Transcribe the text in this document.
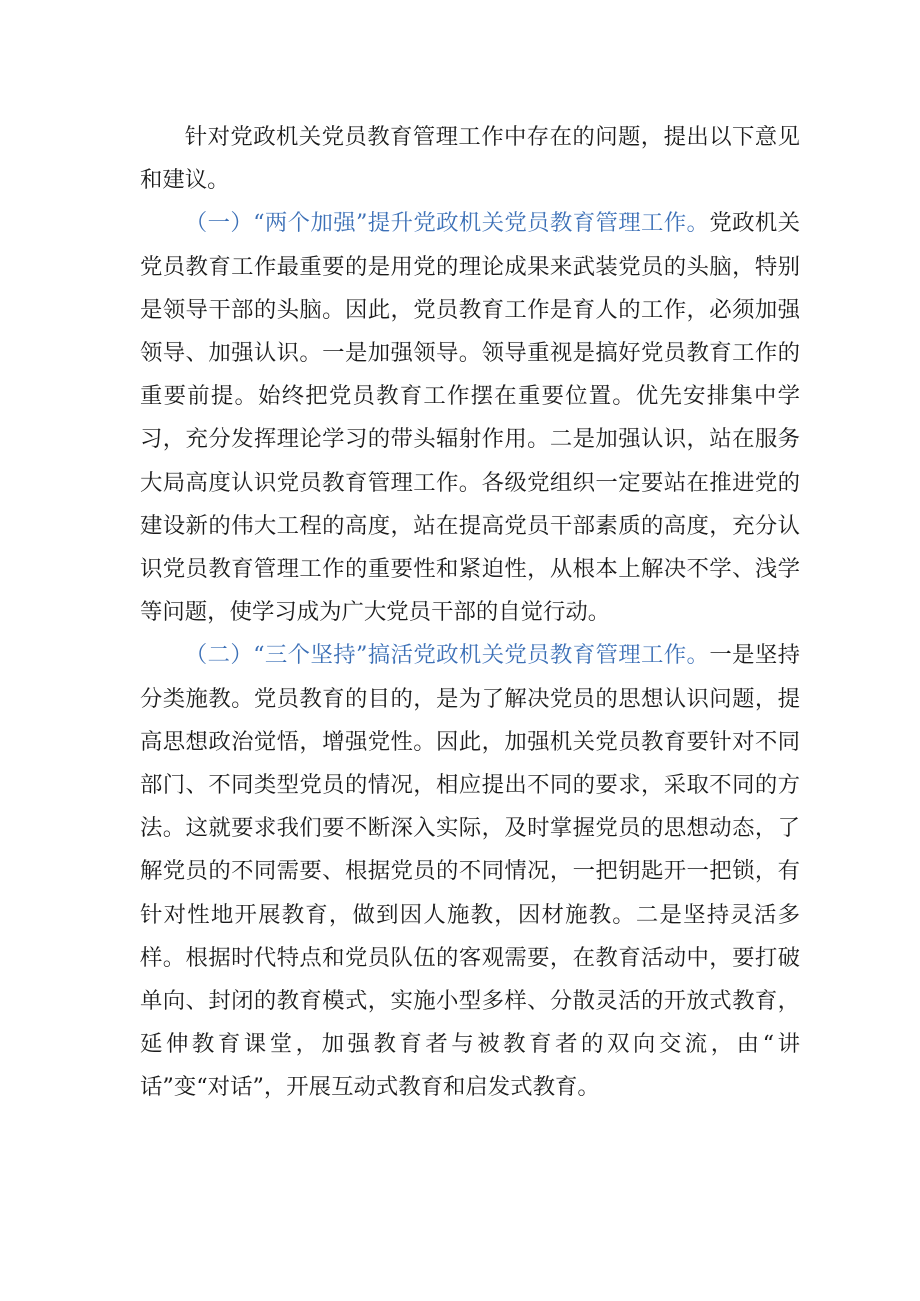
针对党政机关党员教育管理工作中存在的问题，提出以下意见和建议。

（一）“两个加强”提升党政机关党员教育管理工作。党政机关党员教育工作最重要的是用党的理论成果来武装党员的头脑，特别是领导干部的头脑。因此，党员教育工作是育人的工作，必须加强领导、加强认识。一是加强领导。领导重视是搞好党员教育工作的重要前提。始终把党员教育工作摆在重要位置。优先安排集中学习，充分发挥理论学习的带头辐射作用。二是加强认识，站在服务大局高度认识党员教育管理工作。各级党组织一定要站在推进党的建设新的伟大工程的高度，站在提高党员干部素质的高度，充分认识党员教育管理工作的重要性和紧迫性，从根本上解决不学、浅学等问题，使学习成为广大党员干部的自觉行动。

（二）“三个坚持”搞活党政机关党员教育管理工作。一是坚持分类施教。党员教育的目的，是为了解决党员的思想认识问题，提高思想政治觉悟，增强党性。因此，加强机关党员教育要针对不同部门、不同类型党员的情况，相应提出不同的要求，采取不同的方法。这就要求我们要不断深入实际，及时掌握党员的思想动态，了解党员的不同需要、根据党员的不同情况，一把钥匙开一把锁，有针对性地开展教育，做到因人施教，因材施教。二是坚持灵活多样。根据时代特点和党员队伍的客观需要，在教育活动中，要打破单向、封闭的教育模式，实施小型多样、分散灵活的开放式教育，延伸教育课堂，加强教育者与被教育者的双向交流，由“讲话”变“对话”，开展互动式教育和启发式教育。
